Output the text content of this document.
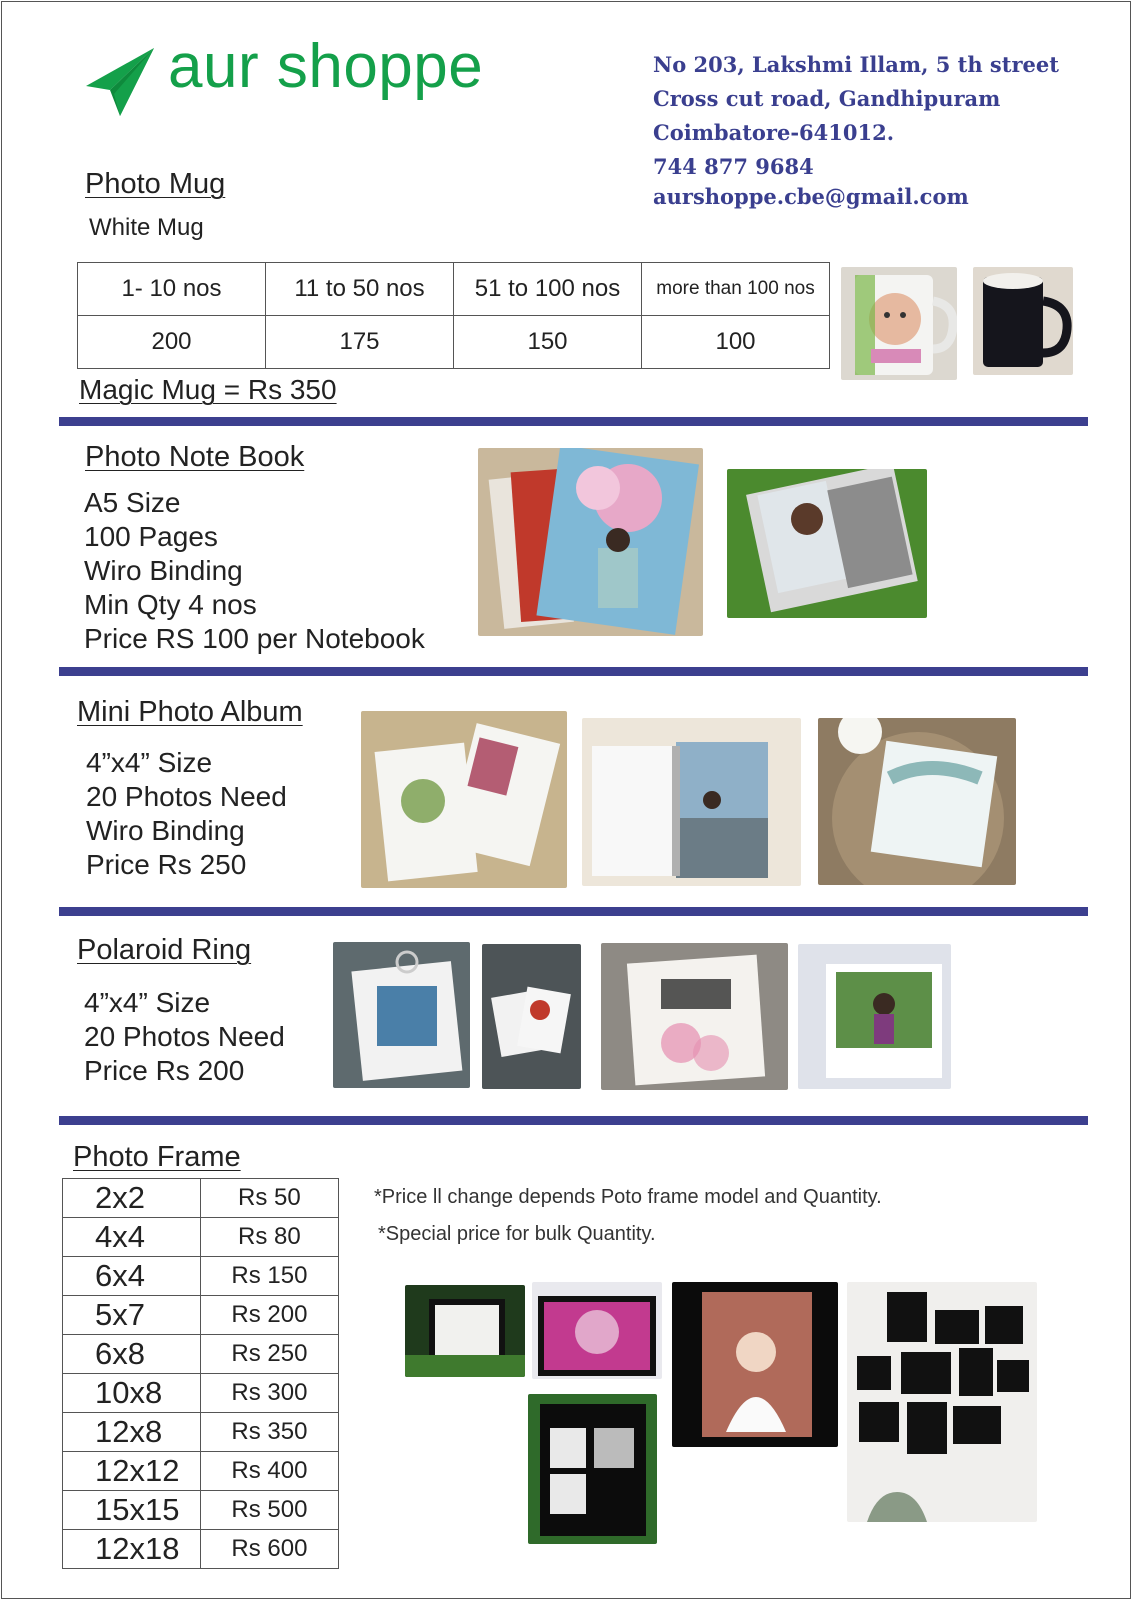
aur shoppe	No 203, Lakshmi Illam, 5 th street
Cross cut road, Gandhipuram
Coimbatore-641012.
744 877 9684
aurshoppe.cbe@gmail.com
Photo Mug
White Mug
1- 10 nos	11 to 50 nos	51 to 100 nos	more than 100 nos
200	175	150	100
Magic Mug = Rs 350
Photo Note Book
A5 Size
100 Pages
Wiro Binding
Min Qty 4 nos
Price RS 100 per Notebook
Mini Photo Album
4”x4” Size
20 Photos Need
Wiro Binding
Price Rs 250
Polaroid Ring
4”x4” Size
20 Photos Need
Price Rs 200
Photo Frame
2x2	Rs 50
4x4	Rs 80
6x4	Rs 150
5x7	Rs 200
6x8	Rs 250
10x8	Rs 300
12x8	Rs 350
12x12	Rs 400
15x15	Rs 500
12x18	Rs 600
*Price ll change depends Poto frame model and Quantity.
*Special price for bulk Quantity.
